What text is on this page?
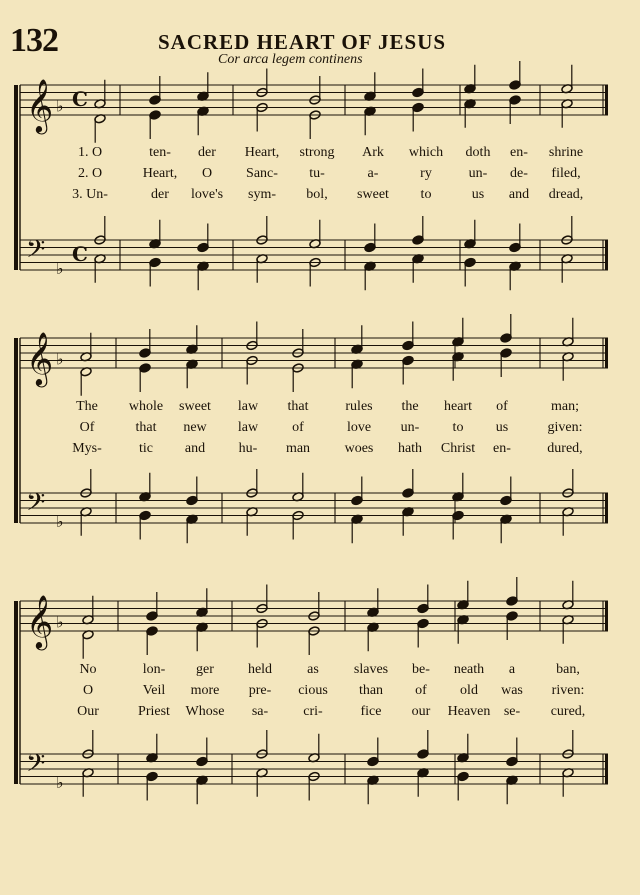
132	SACRED HEART OF JESUS
Cor arca legem continens
𝄞
𝄢
♭
♭
C
C
𝄞
𝄢
♭
♭
𝄞
𝄢
♭
♭
1. O	ten- der Heart, strong Ark which doth en- shrine
2. O	Heart, O Sanc- tu-	a-	ry	un- de- filed,
3. Un-	der love's sym- bol, sweet to	us and dread,
The whole sweet law that	rules the heart of	man;
Of	that new law of	love un- to us	given:
Mys-	tic and hu- man woes hath Christ en-	dured,
No	lon- ger held	as	slaves be- neath a	ban,
O	Veil more pre- cious than of old was riven:
Our	Priest Whose sa-	cri-	fice our Heaven se- cured,
